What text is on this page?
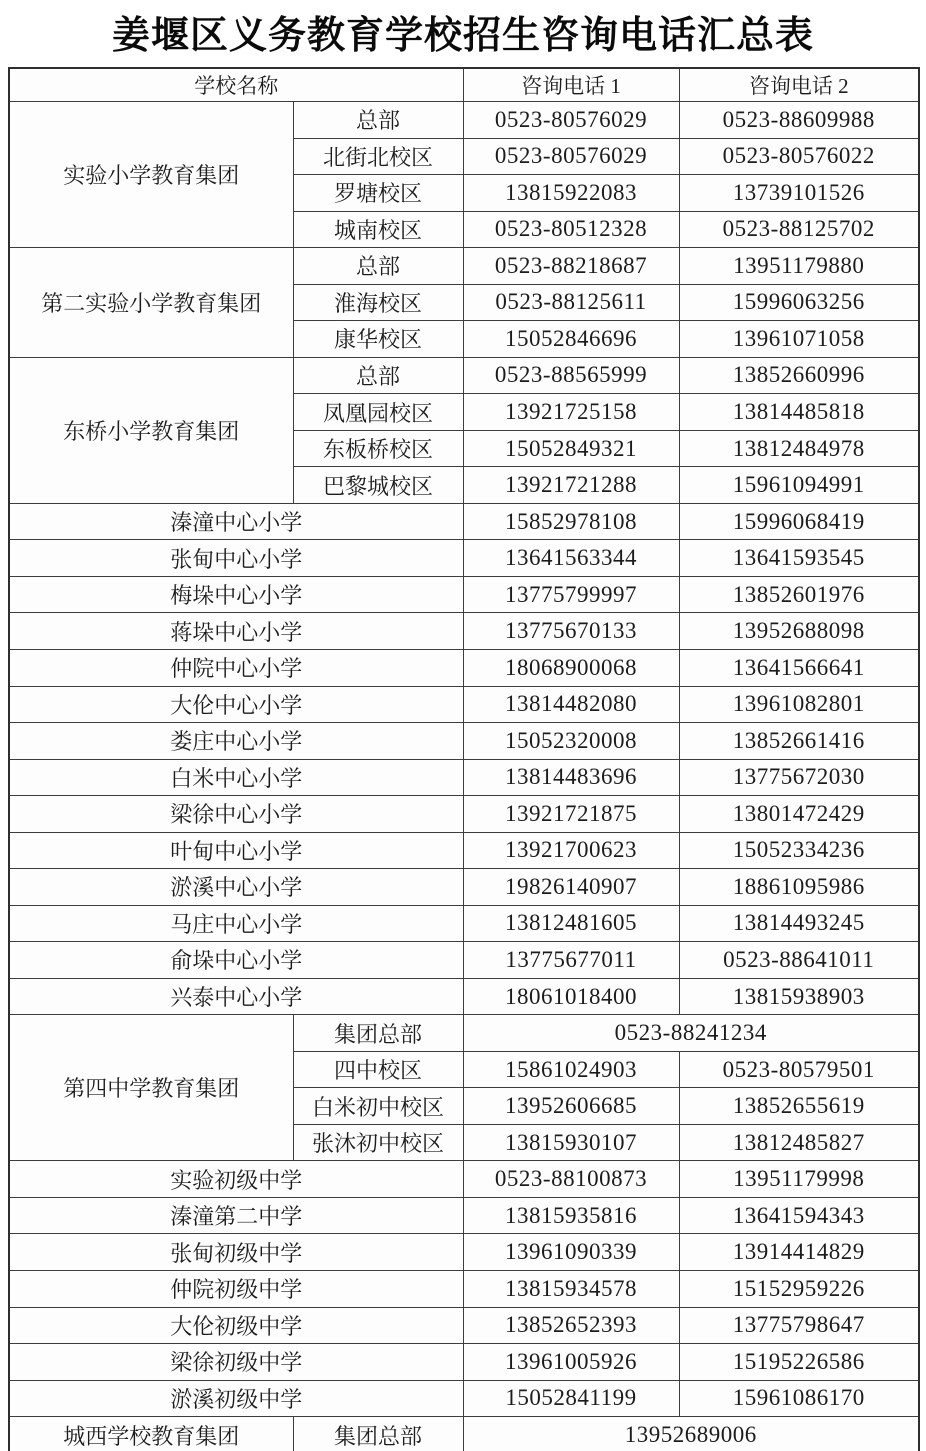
姜堰区义务教育学校招生咨询电话汇总表
学校名称		咨询电话 1	咨询电话 2
实验小学教育集团	总部	0523-80576029	0523-88609988
	北街北校区	0523-80576029	0523-80576022
	罗塘校区	13815922083	13739101526
	城南校区	0523-80512328	0523-88125702
第二实验小学教育集团	总部	0523-88218687	13951179880
	淮海校区	0523-88125611	15996063256
	康华校区	15052846696	13961071058
东桥小学教育集团	总部	0523-88565999	13852660996
	凤凰园校区	13921725158	13814485818
	东板桥校区	15052849321	13812484978
	巴黎城校区	13921721288	15961094991
溱潼中心小学		15852978108	15996068419
张甸中心小学		13641563344	13641593545
梅垛中心小学		13775799997	13852601976
蒋垛中心小学		13775670133	13952688098
仲院中心小学		18068900068	13641566641
大伦中心小学		13814482080	13961082801
娄庄中心小学		15052320008	13852661416
白米中心小学		13814483696	13775672030
梁徐中心小学		13921721875	13801472429
叶甸中心小学		13921700623	15052334236
淤溪中心小学		19826140907	18861095986
马庄中心小学		13812481605	13814493245
俞垛中心小学		13775677011	0523-88641011
兴泰中心小学		18061018400	13815938903
第四中学教育集团	集团总部	0523-88241234	
	四中校区	15861024903	0523-80579501
	白米初中校区	13952606685	13852655619
	张沐初中校区	13815930107	13812485827
实验初级中学		0523-88100873	13951179998
溱潼第二中学		13815935816	13641594343
张甸初级中学		13961090339	13914414829
仲院初级中学		13815934578	15152959226
大伦初级中学		13852652393	13775798647
梁徐初级中学		13961005926	15195226586
淤溪初级中学		15052841199	15961086170
城西学校教育集团	集团总部	13952689006	
